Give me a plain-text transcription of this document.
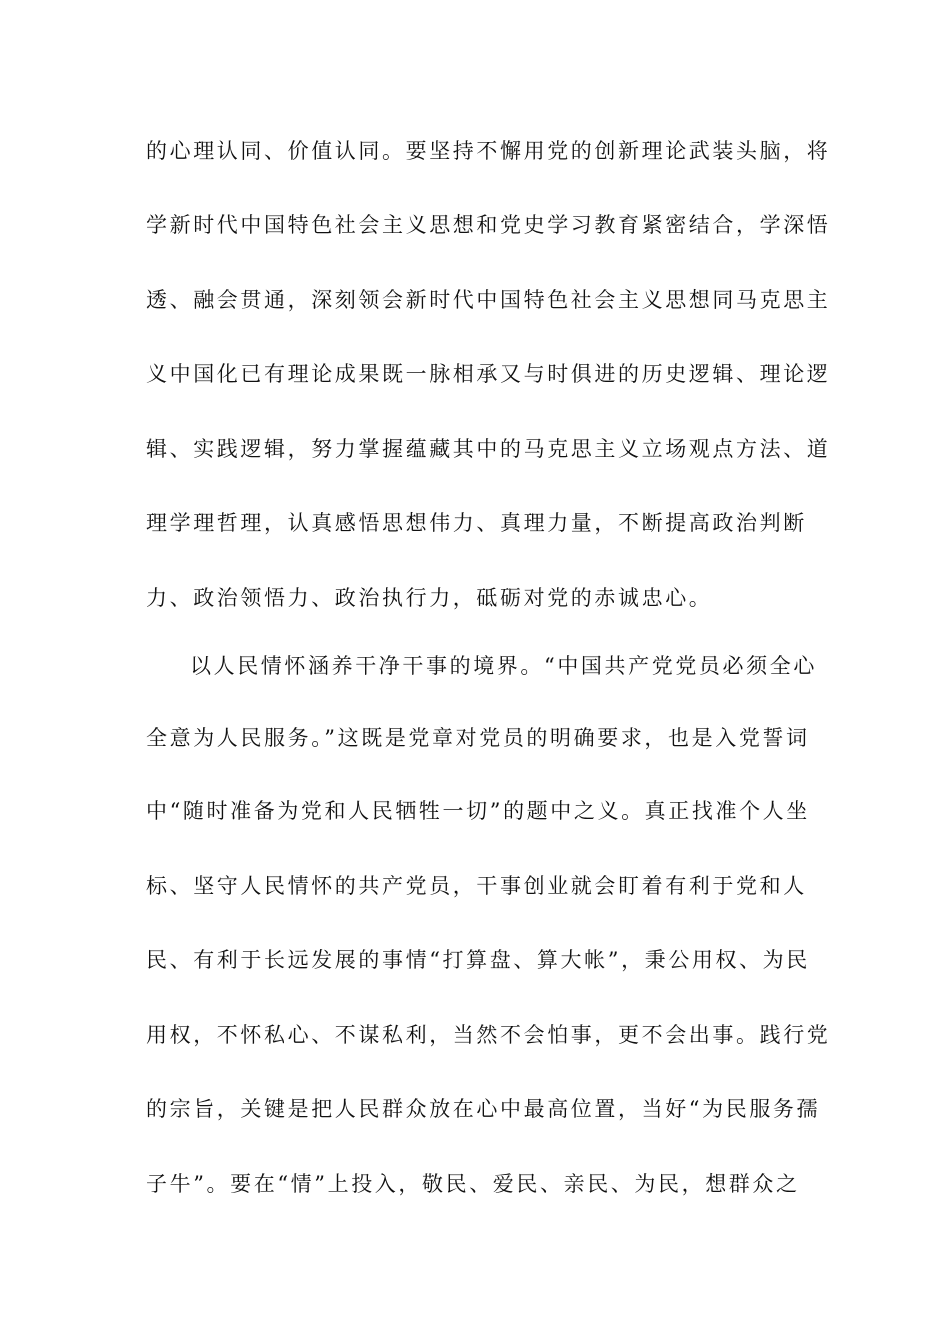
的心理认同、价值认同。要坚持不懈用党的创新理论武装头脑，将
学新时代中国特色社会主义思想和党史学习教育紧密结合，学深悟
透、融会贯通，深刻领会新时代中国特色社会主义思想同马克思主
义中国化已有理论成果既一脉相承又与时俱进的历史逻辑、理论逻
辑、实践逻辑，努力掌握蕴藏其中的马克思主义立场观点方法、道
理学理哲理，认真感悟思想伟力、真理力量，不断提高政治判断
力、政治领悟力、政治执行力，砥砺对党的赤诚忠心。
以人民情怀涵养干净干事的境界。“中国共产党党员必须全心
全意为人民服务。”这既是党章对党员的明确要求，也是入党誓词
中“随时准备为党和人民牺牲一切”的题中之义。真正找准个人坐
标、坚守人民情怀的共产党员，干事创业就会盯着有利于党和人
民、有利于长远发展的事情“打算盘、算大帐”，秉公用权、为民
用权，不怀私心、不谋私利，当然不会怕事，更不会出事。践行党
的宗旨，关键是把人民群众放在心中最高位置，当好“为民服务孺
子牛”。要在“情”上投入，敬民、爱民、亲民、为民，想群众之
